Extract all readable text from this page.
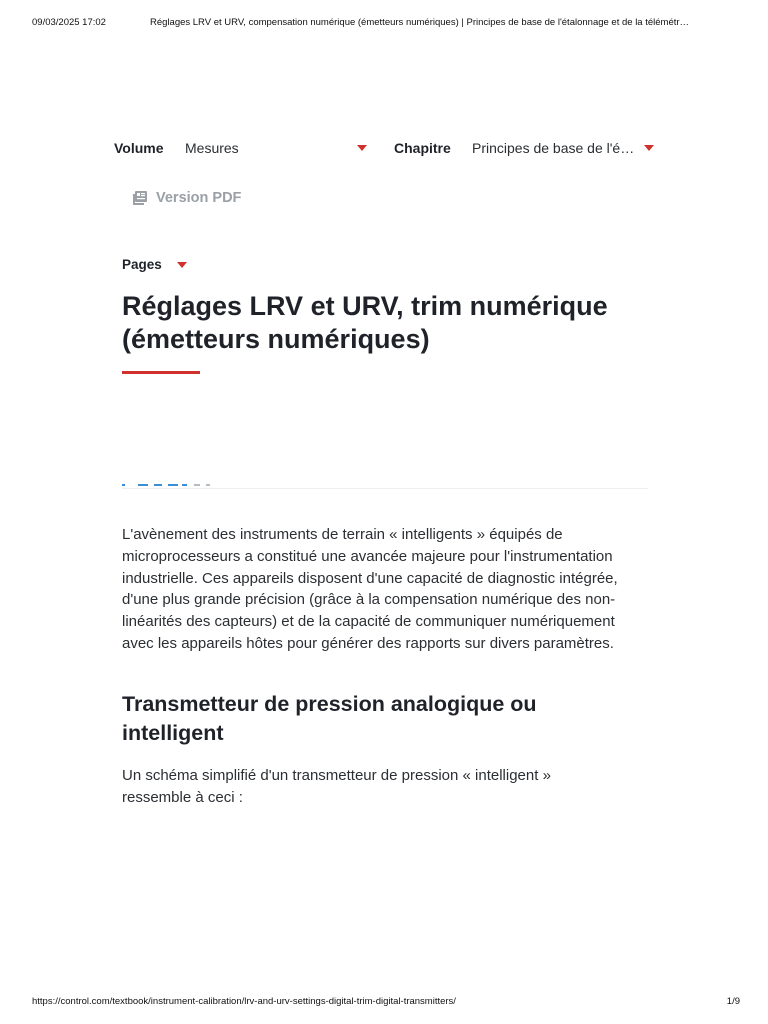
09/03/2025 17:02	Réglages LRV et URV, compensation numérique (émetteurs numériques) | Principes de base de l'étalonnage et de la télémétr…
Volume Mesures	Chapitre Principes de base de l'é…
Version PDF
Pages
Réglages LRV et URV, trim numérique (émetteurs numériques)

L'avènement des instruments de terrain « intelligents » équipés de microprocesseurs a constitué une avancée majeure pour l'instrumentation industrielle. Ces appareils disposent d'une capacité de diagnostic intégrée, d'une plus grande précision (grâce à la compensation numérique des non-linéarités des capteurs) et de la capacité de communiquer numériquement avec les appareils hôtes pour générer des rapports sur divers paramètres.

Transmetteur de pression analogique ou intelligent

Un schéma simplifié d'un transmetteur de pression « intelligent » ressemble à ceci :

https://control.com/textbook/instrument-calibration/lrv-and-urv-settings-digital-trim-digital-transmitters/	1/9
